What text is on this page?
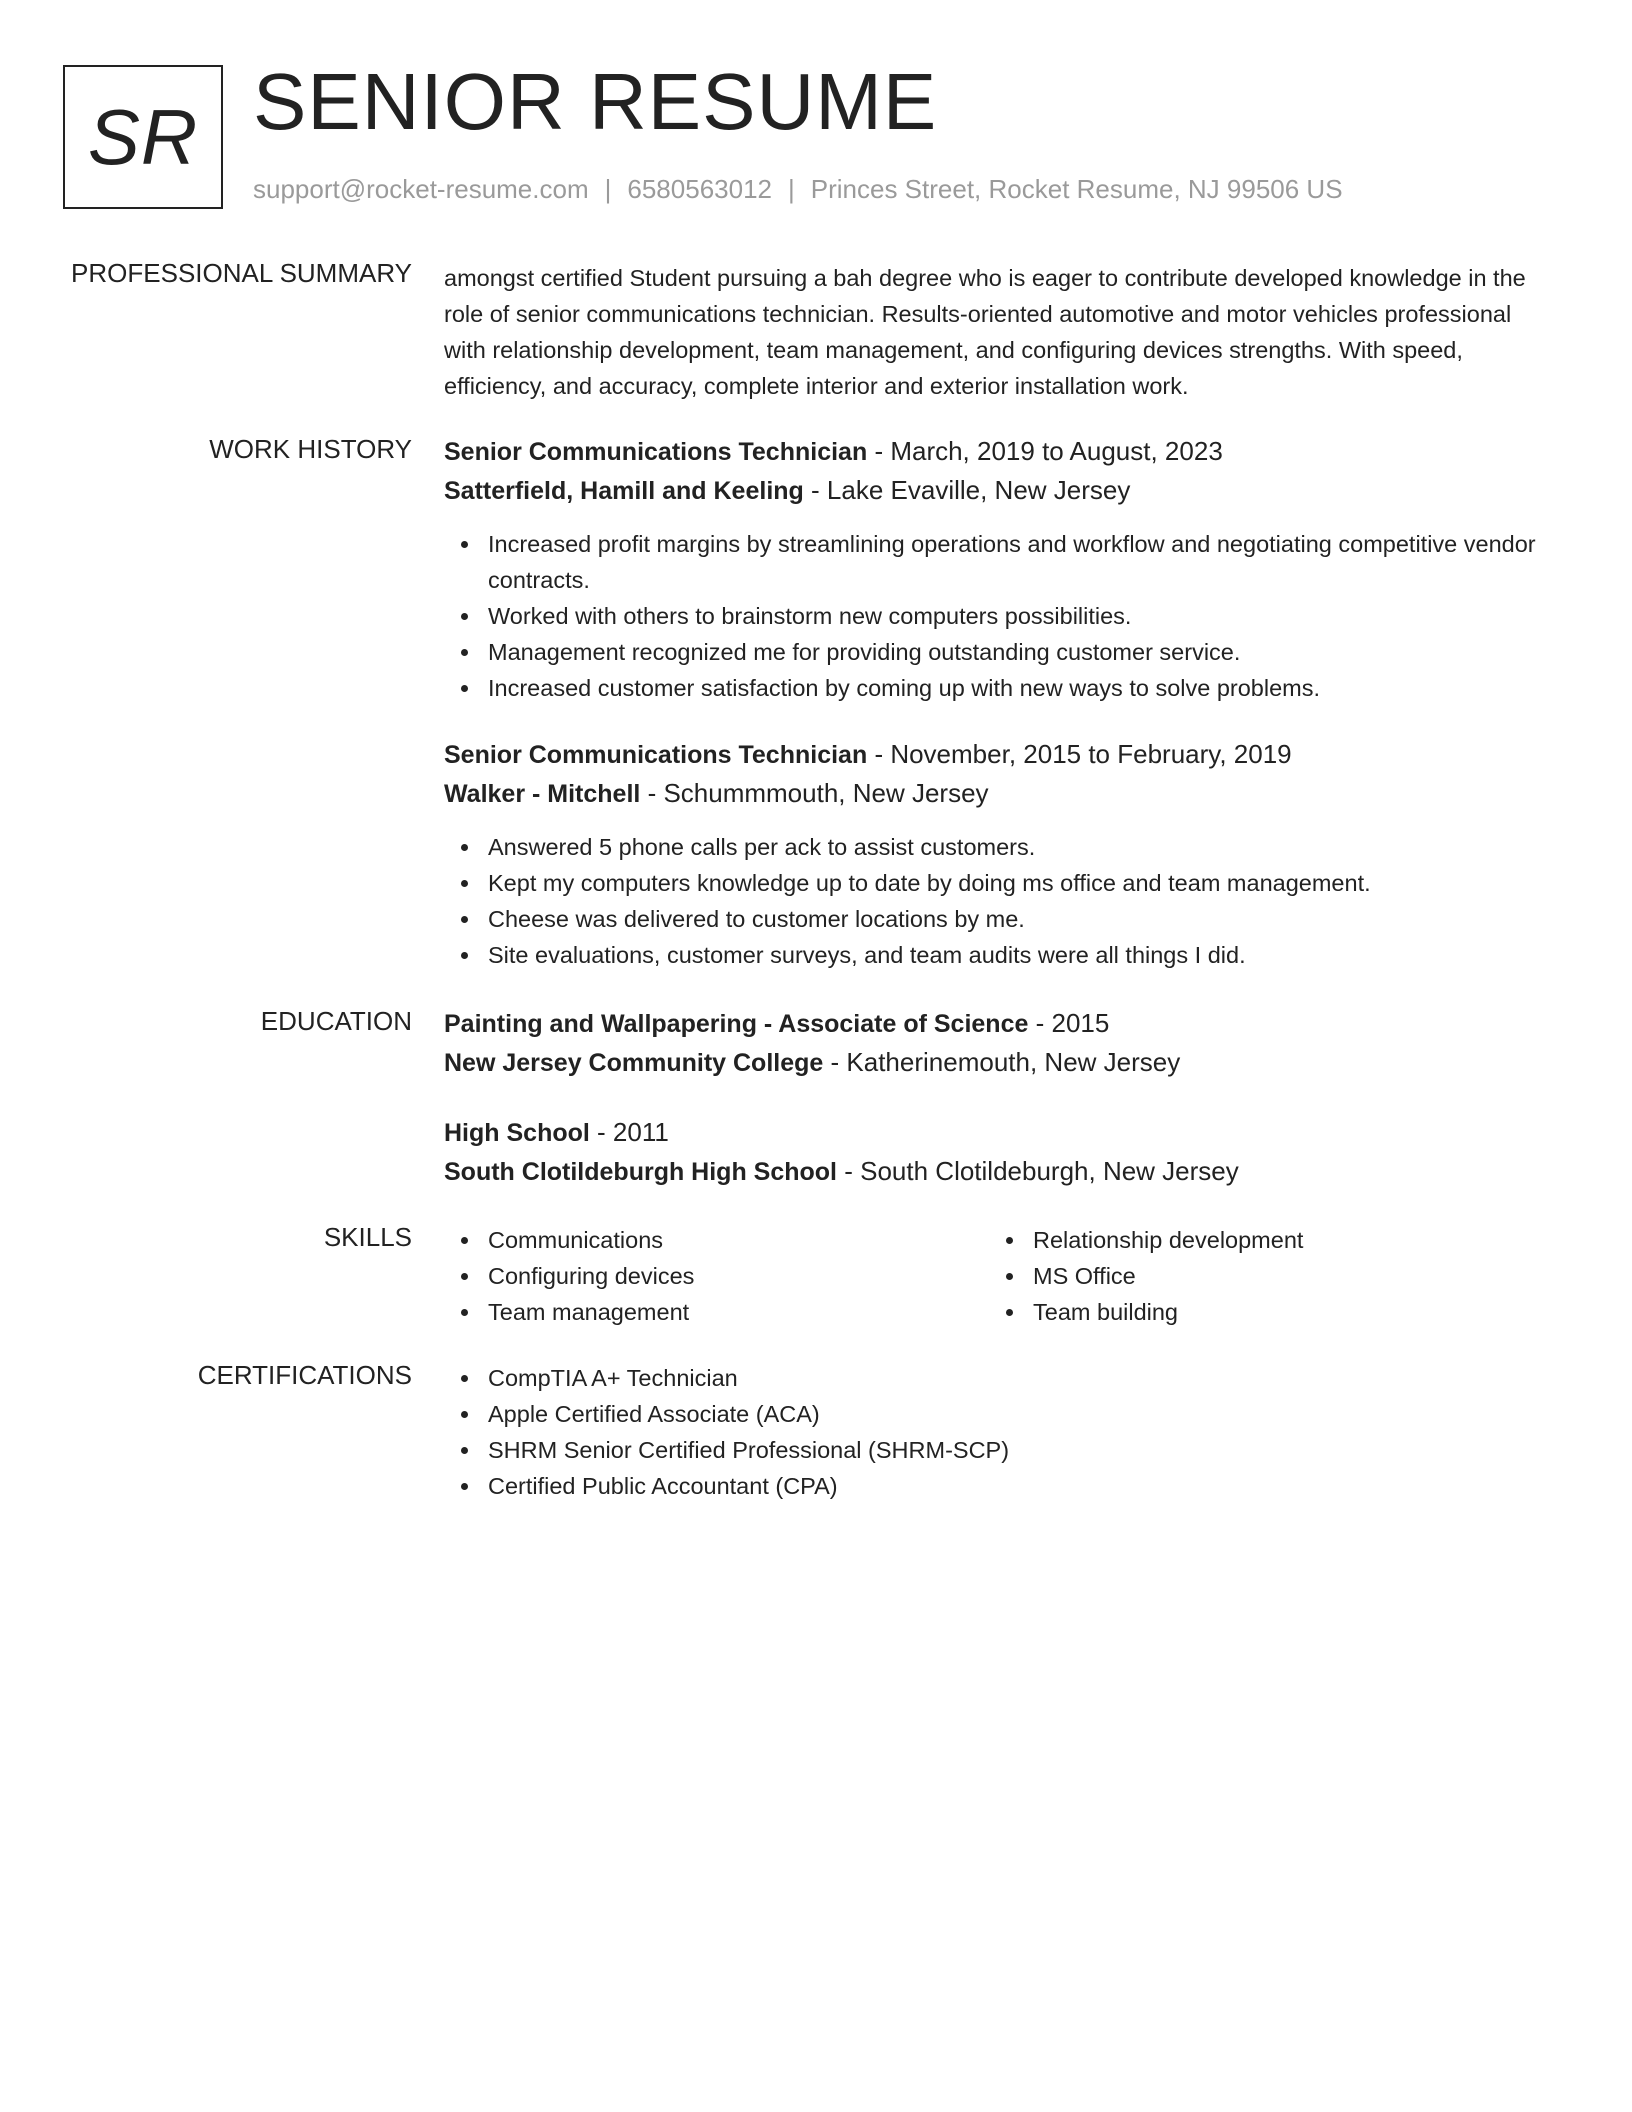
SR SENIOR RESUME
support@rocket-resume.com | 6580563012 | Princes Street, Rocket Resume, NJ 99506 US
PROFESSIONAL SUMMARY amongst certified Student pursuing a bah degree who is eager to contribute developed knowledge in the role of senior communications technician. Results-oriented automotive and motor vehicles professional with relationship development, team management, and configuring devices strengths. With speed, efficiency, and accuracy, complete interior and exterior installation work.
WORK HISTORY Senior Communications Technician - March, 2019 to August, 2023
Satterfield, Hamill and Keeling - Lake Evaville, New Jersey
Increased profit margins by streamlining operations and workflow and negotiating competitive vendor contracts.
Worked with others to brainstorm new computers possibilities.
Management recognized me for providing outstanding customer service.
Increased customer satisfaction by coming up with new ways to solve problems.
Senior Communications Technician - November, 2015 to February, 2019
Walker - Mitchell - Schummmouth, New Jersey
Answered 5 phone calls per ack to assist customers.
Kept my computers knowledge up to date by doing ms office and team management.
Cheese was delivered to customer locations by me.
Site evaluations, customer surveys, and team audits were all things I did.
EDUCATION Painting and Wallpapering - Associate of Science - 2015
New Jersey Community College - Katherinemouth, New Jersey
High School - 2011
South Clotildeburgh High School - South Clotildeburgh, New Jersey
SKILLS	Communications
Configuring devices
Team management
Relationship development
MS Office
Team building
CERTIFICATIONS	CompTIA A+ Technician
Apple Certified Associate (ACA)
SHRM Senior Certified Professional (SHRM-SCP)
Certified Public Accountant (CPA)
